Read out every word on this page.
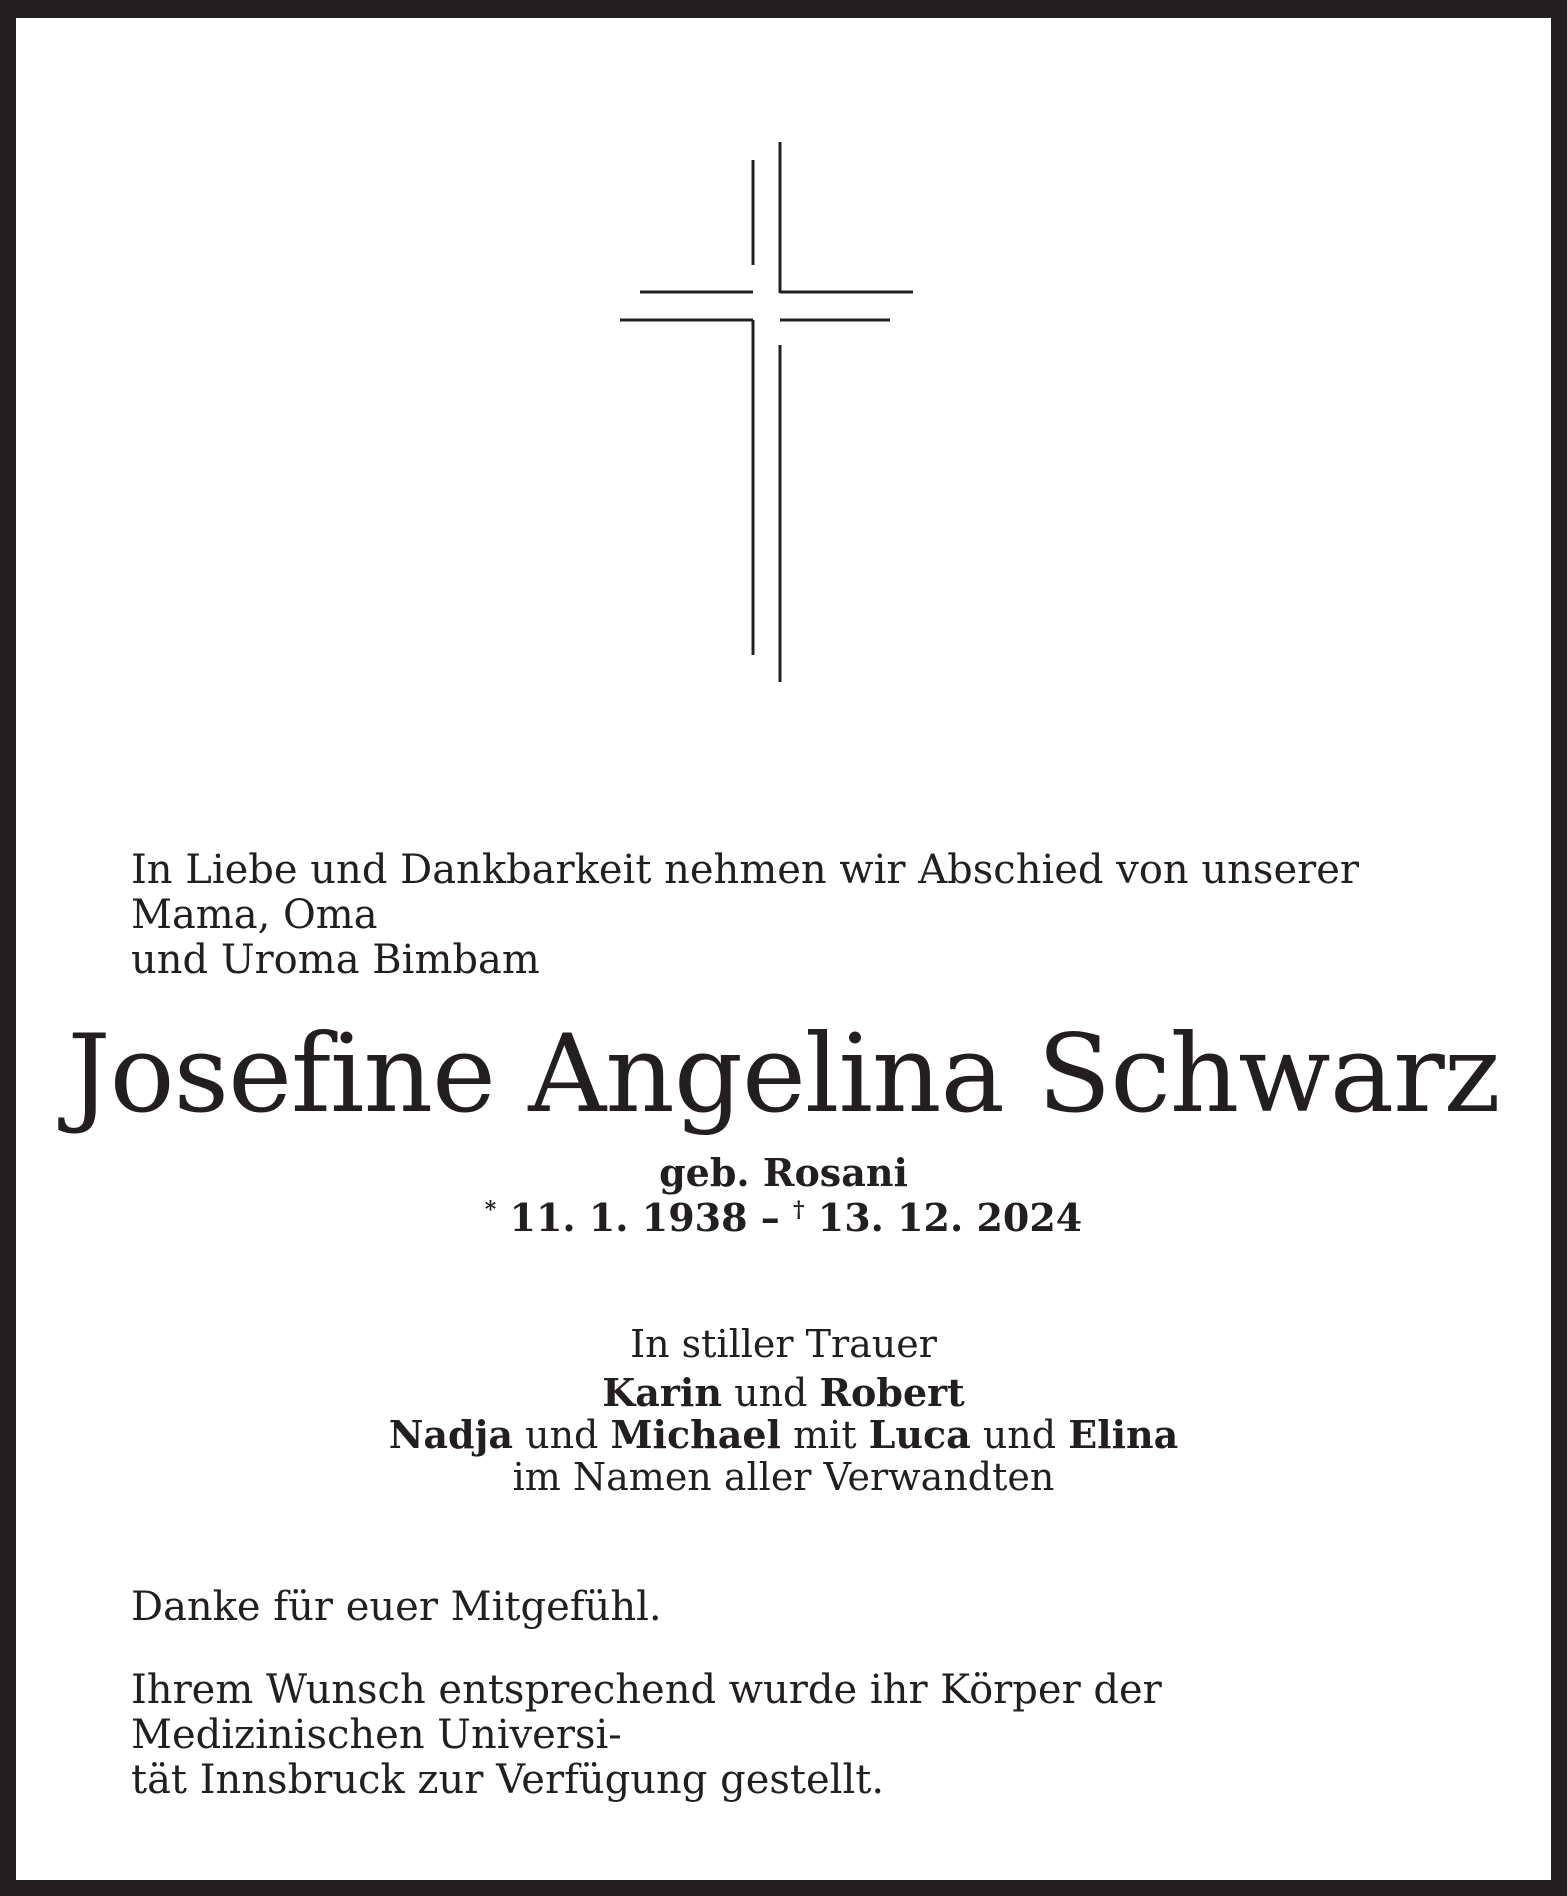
In Liebe und Dankbarkeit nehmen wir Abschied von unserer Mama, Oma
und Uroma Bimbam

Josefine Angelina Schwarz
geb. Rosani
* 11. 1. 1938 – † 13. 12. 2024
In stiller Trauer
Karin und Robert
Nadja und Michael mit Luca und Elina
im Namen aller Verwandten

Danke für euer Mitgefühl.

Ihrem Wunsch entsprechend wurde ihr Körper der Medizinischen Universi-
tät Innsbruck zur Verfügung gestellt.
